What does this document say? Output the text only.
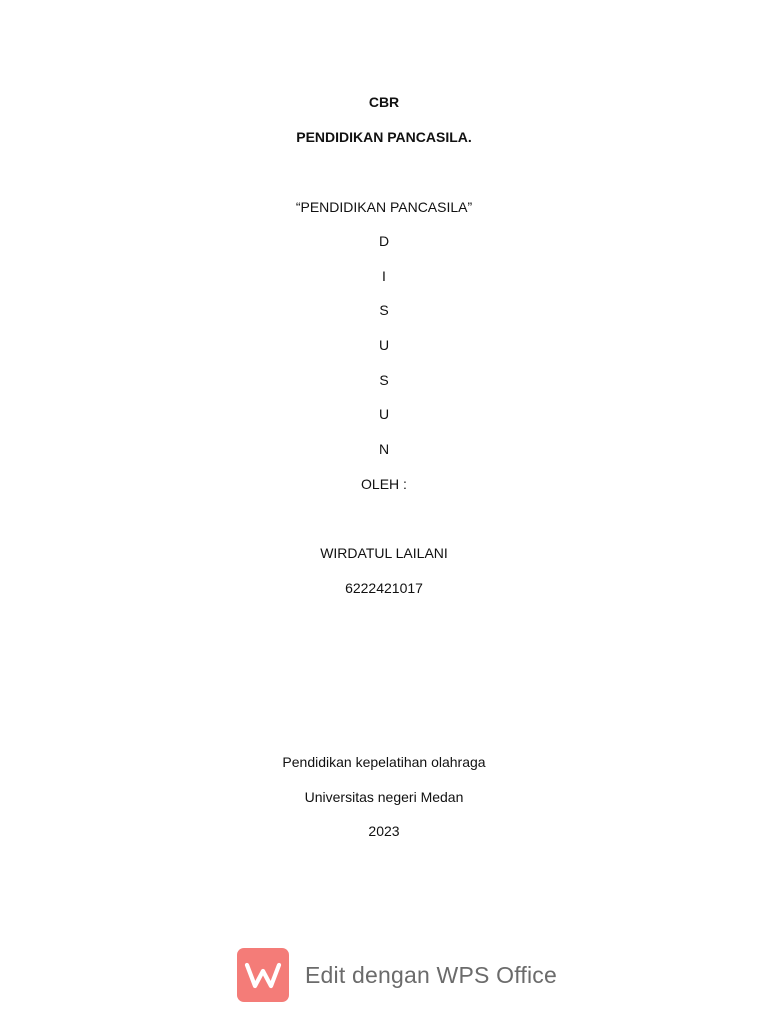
CBR
PENDIDIKAN PANCASILA.
“PENDIDIKAN PANCASILA”
D
I
S
U
S
U
N
OLEH :
WIRDATUL LAILANI
6222421017
Pendidikan kepelatihan olahraga
Universitas negeri Medan
2023
Edit dengan WPS Office
